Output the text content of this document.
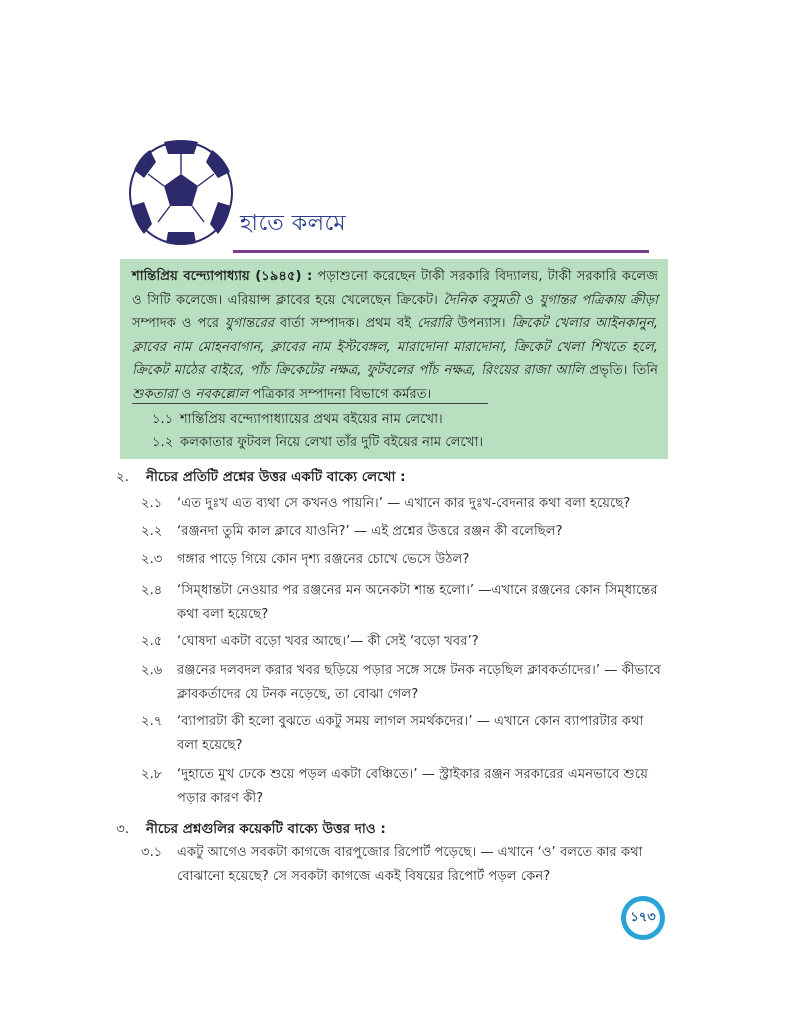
হাতে কলমে
শান্তিপ্রিয় বন্দ্যোপাধ্যায় (১৯৪৫) : পড়াশুনো করেছেন টাকী সরকারি বিদ্যালয়, টাকী সরকারি কলেজ ও সিটি কলেজে। এরিয়ান্স ক্লাবের হয়ে খেলেছেন ক্রিকেট। দৈনিক বসুমতী ও যুগান্তর পত্রিকায় ক্রীড়া সম্পাদক ও পরে যুগান্তরের বার্তা সম্পাদক। প্রথম বই দেরারি উপন্যাস। ক্রিকেট খেলার আইনকানুন, ক্লাবের নাম মোহনবাগান, ক্লাবের নাম ইস্টবেঙ্গল, মারাদোনা মারাদোনা, ক্রিকেট খেলা শিখতে হলে, ক্রিকেট মাঠের বাইরে, পাঁচ ক্রিকেটের নক্ষত্র, ফুটবলের পাঁচ নক্ষত্র, রিংয়ের রাজা আলি প্রভৃতি। তিনি শুকতারা ও নবকল্লোল পত্রিকার সম্পাদনা বিভাগে কর্মরত।
১.১ শান্তিপ্রিয় বন্দ্যোপাধ্যায়ের প্রথম বইয়ের নাম লেখো।
১.২ কলকাতার ফুটবল নিয়ে লেখা তাঁর দুটি বইয়ের নাম লেখো।
২. নীচের প্রতিটি প্রশ্নের উত্তর একটি বাক্যে লেখো :
২.১	‘এত দুঃখ এত ব্যথা সে কখনও পায়নি।’ — এখানে কার দুঃখ-বেদনার কথা বলা হয়েছে?
২.২	‘রঞ্জনদা তুমি কাল ক্লাবে যাওনি?’ — এই প্রশ্নের উত্তরে রঞ্জন কী বলেছিল?
২.৩	গঙ্গার পাড়ে গিয়ে কোন দৃশ্য রঞ্জনের চোখে ভেসে উঠল?
২.৪	‘সিম্ধান্তটা নেওয়ার পর রঞ্জনের মন অনেকটা শান্ত হলো।’ —এখানে রঞ্জনের কোন সিম্ধান্তের কথা বলা হয়েছে?
২.৫	‘ঘোষদা একটা বড়ো খবর আছে।’— কী সেই ‘বড়ো খবর’?
২.৬	রঞ্জনের দলবদল করার খবর ছড়িয়ে পড়ার সঙ্গে সঙ্গে টনক নড়েছিল ক্লাবকর্তাদের।’ — কীভাবে ক্লাবকর্তাদের যে টনক নড়েছে, তা বোঝা গেল?
২.৭	‘ব্যাপারটা কী হলো বুঝতে একটু সময় লাগল সমর্থকদের।’ — এখানে কোন ব্যাপারটার কথা বলা হয়েছে?
২.৮	‘দুহাতে মুখ ঢেকে শুয়ে পড়ল একটা বেঞ্চিতে।’ — স্ট্রাইকার রঞ্জন সরকারের এমনভাবে শুয়ে পড়ার কারণ কী?
৩. নীচের প্রশ্নগুলির কয়েকটি বাক্যে উত্তর দাও :
৩.১	একটু আগেও সবকটা কাগজে বারপুজোর রিপোর্ট পড়েছে। — এখানে ‘ও’ বলতে কার কথা বোঝানো হয়েছে? সে সবকটা কাগজে একই বিষয়ের রিপোর্ট পড়ল কেন?
১৭৩
